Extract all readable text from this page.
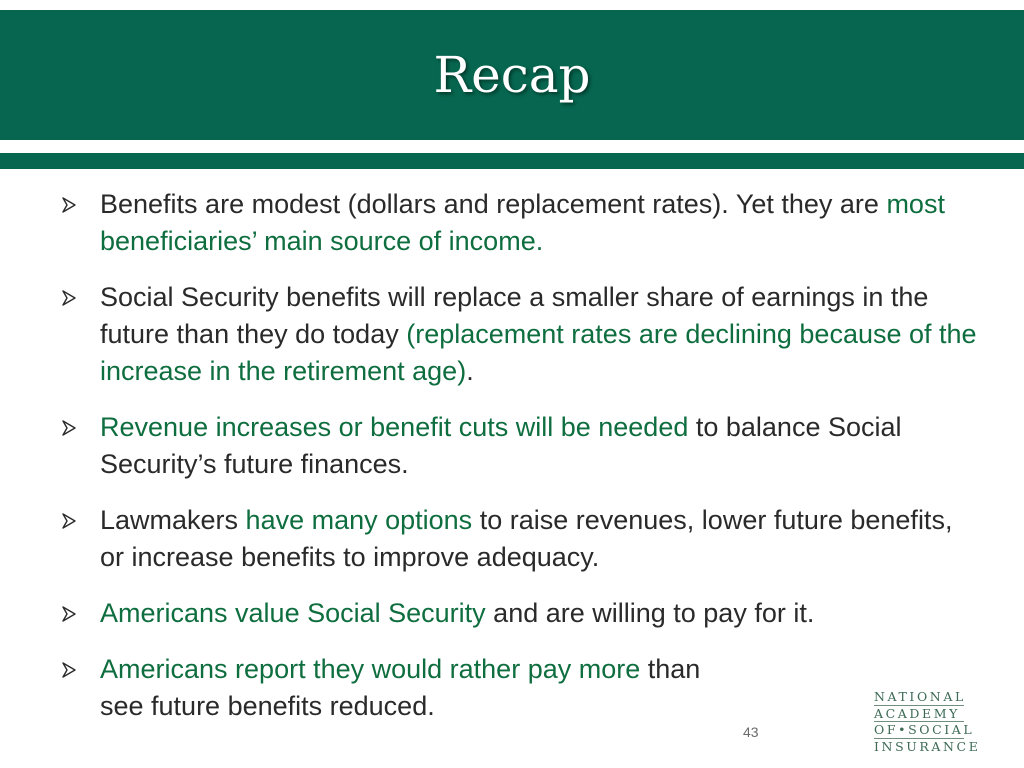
Recap
Benefits are modest (dollars and replacement rates). Yet they are most beneficiaries’ main source of income.
Social Security benefits will replace a smaller share of earnings in the future than they do today (replacement rates are declining because of the increase in the retirement age).
Revenue increases or benefit cuts will be needed to balance Social Security’s future finances.
Lawmakers have many options to raise revenues, lower future benefits, or increase benefits to improve adequacy.
Americans value Social Security and are willing to pay for it.
Americans report they would rather pay more than
see future benefits reduced.
43
NATIONAL
ACADEMY
OF•SOCIAL
INSURANCE
